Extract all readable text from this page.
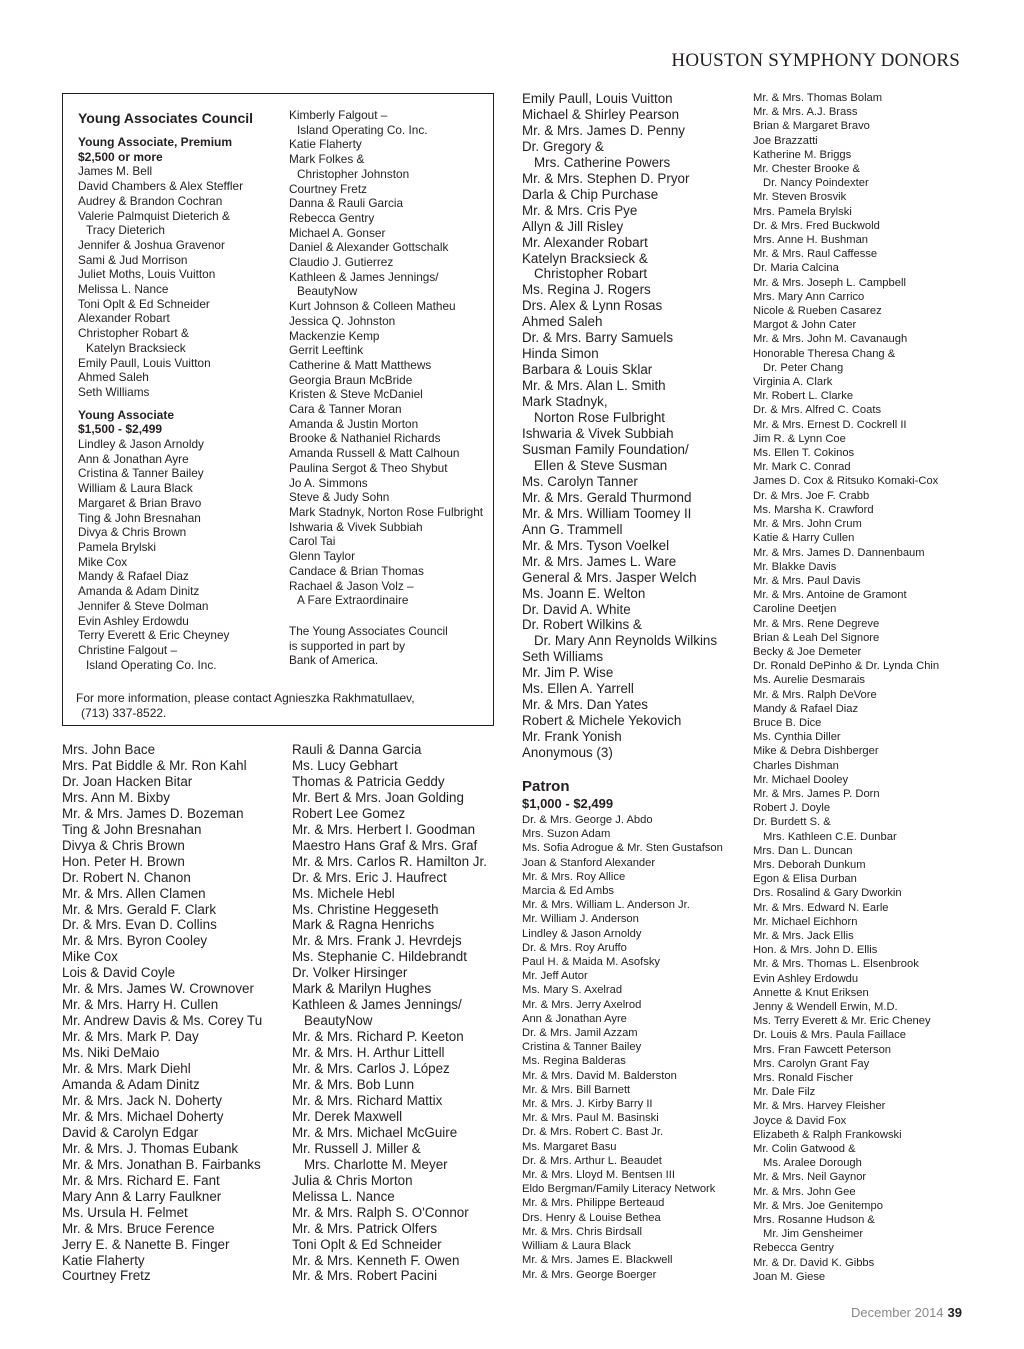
HOUSTON SYMPHONY DONORS
Young Associates Council
Young Associate, Premium
$2,500 or more
James M. Bell
David Chambers & Alex Steffler
Audrey & Brandon Cochran
Valerie Palmquist Dieterich &
Tracy Dieterich
Jennifer & Joshua Gravenor
Sami & Jud Morrison
Juliet Moths, Louis Vuitton
Melissa L. Nance
Toni Oplt & Ed Schneider
Alexander Robart
Christopher Robart &
Katelyn Bracksieck
Emily Paull, Louis Vuitton
Ahmed Saleh
Seth Williams
Young Associate
$1,500 - $2,499
Lindley & Jason Arnoldy
Ann & Jonathan Ayre
Cristina & Tanner Bailey
William & Laura Black
Margaret & Brian Bravo
Ting & John Bresnahan
Divya & Chris Brown
Pamela Brylski
Mike Cox
Mandy & Rafael Diaz
Amanda & Adam Dinitz
Jennifer & Steve Dolman
Evin Ashley Erdowdu
Terry Everett & Eric Cheyney
Christine Falgout –
Island Operating Co. Inc.
Kimberly Falgout –
Island Operating Co. Inc.
Katie Flaherty
Mark Folkes &
Christopher Johnston
Courtney Fretz
Danna & Rauli Garcia
Rebecca Gentry
Michael A. Gonser
Daniel & Alexander Gottschalk
Claudio J. Gutierrez
Kathleen & James Jennings/
BeautyNow
Kurt Johnson & Colleen Matheu
Jessica Q. Johnston
Mackenzie Kemp
Gerrit Leeftink
Catherine & Matt Matthews
Georgia Braun McBride
Kristen & Steve McDaniel
Cara & Tanner Moran
Amanda & Justin Morton
Brooke & Nathaniel Richards
Amanda Russell & Matt Calhoun
Paulina Sergot & Theo Shybut
Jo A. Simmons
Steve & Judy Sohn
Mark Stadnyk, Norton Rose Fulbright
Ishwaria & Vivek Subbiah
Carol Tai
Glenn Taylor
Candace & Brian Thomas
Rachael & Jason Volz –
A Fare Extraordinaire
The Young Associates Council
is supported in part by
Bank of America.
For more information, please contact Agnieszka Rakhmatullaev,
(713) 337-8522.
Mrs. John Bace
Mrs. Pat Biddle & Mr. Ron Kahl
Dr. Joan Hacken Bitar
Mrs. Ann M. Bixby
Mr. & Mrs. James D. Bozeman
Ting & John Bresnahan
Divya & Chris Brown
Hon. Peter H. Brown
Dr. Robert N. Chanon
Mr. & Mrs. Allen Clamen
Mr. & Mrs. Gerald F. Clark
Dr. & Mrs. Evan D. Collins
Mr. & Mrs. Byron Cooley
Mike Cox
Lois & David Coyle
Mr. & Mrs. James W. Crownover
Mr. & Mrs. Harry H. Cullen
Mr. Andrew Davis & Ms. Corey Tu
Mr. & Mrs. Mark P. Day
Ms. Niki DeMaio
Mr. & Mrs. Mark Diehl
Amanda & Adam Dinitz
Mr. & Mrs. Jack N. Doherty
Mr. & Mrs. Michael Doherty
David & Carolyn Edgar
Mr. & Mrs. J. Thomas Eubank
Mr. & Mrs. Jonathan B. Fairbanks
Mr. & Mrs. Richard E. Fant
Mary Ann & Larry Faulkner
Ms. Ursula H. Felmet
Mr. & Mrs. Bruce Ference
Jerry E. & Nanette B. Finger
Katie Flaherty
Courtney Fretz
Rauli & Danna Garcia
Ms. Lucy Gebhart
Thomas & Patricia Geddy
Mr. Bert & Mrs. Joan Golding
Robert Lee Gomez
Mr. & Mrs. Herbert I. Goodman
Maestro Hans Graf & Mrs. Graf
Mr. & Mrs. Carlos R. Hamilton Jr.
Dr. & Mrs. Eric J. Haufrect
Ms. Michele Hebl
Ms. Christine Heggeseth
Mark & Ragna Henrichs
Mr. & Mrs. Frank J. Hevrdejs
Ms. Stephanie C. Hildebrandt
Dr. Volker Hirsinger
Mark & Marilyn Hughes
Kathleen & James Jennings/
BeautyNow
Mr. & Mrs. Richard P. Keeton
Mr. & Mrs. H. Arthur Littell
Mr. & Mrs. Carlos J. López
Mr. & Mrs. Bob Lunn
Mr. & Mrs. Richard Mattix
Mr. Derek Maxwell
Mr. & Mrs. Michael McGuire
Mr. Russell J. Miller &
Mrs. Charlotte M. Meyer
Julia & Chris Morton
Melissa L. Nance
Mr. & Mrs. Ralph S. O'Connor
Mr. & Mrs. Patrick Olfers
Toni Oplt & Ed Schneider
Mr. & Mrs. Kenneth F. Owen
Mr. & Mrs. Robert Pacini
Emily Paull, Louis Vuitton
Michael & Shirley Pearson
Mr. & Mrs. James D. Penny
Dr. Gregory &
Mrs. Catherine Powers
Mr. & Mrs. Stephen D. Pryor
Darla & Chip Purchase
Mr. & Mrs. Cris Pye
Allyn & Jill Risley
Mr. Alexander Robart
Katelyn Bracksieck &
Christopher Robart
Ms. Regina J. Rogers
Drs. Alex & Lynn Rosas
Ahmed Saleh
Dr. & Mrs. Barry Samuels
Hinda Simon
Barbara & Louis Sklar
Mr. & Mrs. Alan L. Smith
Mark Stadnyk,
Norton Rose Fulbright
Ishwaria & Vivek Subbiah
Susman Family Foundation/
Ellen & Steve Susman
Ms. Carolyn Tanner
Mr. & Mrs. Gerald Thurmond
Mr. & Mrs. William Toomey II
Ann G. Trammell
Mr. & Mrs. Tyson Voelkel
Mr. & Mrs. James L. Ware
General & Mrs. Jasper Welch
Ms. Joann E. Welton
Dr. David A. White
Dr. Robert Wilkins &
Dr. Mary Ann Reynolds Wilkins
Seth Williams
Mr. Jim P. Wise
Ms. Ellen A. Yarrell
Mr. & Mrs. Dan Yates
Robert & Michele Yekovich
Mr. Frank Yonish
Anonymous (3)
Patron
$1,000 - $2,499
Dr. & Mrs. George J. Abdo
Mrs. Suzon Adam
Ms. Sofia Adrogue & Mr. Sten Gustafson
Joan & Stanford Alexander
Mr. & Mrs. Roy Allice
Marcia & Ed Ambs
Mr. & Mrs. William L. Anderson Jr.
Mr. William J. Anderson
Lindley & Jason Arnoldy
Dr. & Mrs. Roy Aruffo
Paul H. & Maida M. Asofsky
Mr. Jeff Autor
Ms. Mary S. Axelrad
Mr. & Mrs. Jerry Axelrod
Ann & Jonathan Ayre
Dr. & Mrs. Jamil Azzam
Cristina & Tanner Bailey
Ms. Regina Balderas
Mr. & Mrs. David M. Balderston
Mr. & Mrs. Bill Barnett
Mr. & Mrs. J. Kirby Barry II
Mr. & Mrs. Paul M. Basinski
Dr. & Mrs. Robert C. Bast Jr.
Ms. Margaret Basu
Dr. & Mrs. Arthur L. Beaudet
Mr. & Mrs. Lloyd M. Bentsen III
Eldo Bergman/Family Literacy Network
Mr. & Mrs. Philippe Berteaud
Drs. Henry & Louise Bethea
Mr. & Mrs. Chris Birdsall
William & Laura Black
Mr. & Mrs. James E. Blackwell
Mr. & Mrs. George Boerger
Mr. & Mrs. Thomas Bolam
Mr. & Mrs. A.J. Brass
Brian & Margaret Bravo
Joe Brazzatti
Katherine M. Briggs
Mr. Chester Brooke &
Dr. Nancy Poindexter
Mr. Steven Brosvik
Mrs. Pamela Brylski
Dr. & Mrs. Fred Buckwold
Mrs. Anne H. Bushman
Mr. & Mrs. Raul Caffesse
Dr. Maria Calcina
Mr. & Mrs. Joseph L. Campbell
Mrs. Mary Ann Carrico
Nicole & Rueben Casarez
Margot & John Cater
Mr. & Mrs. John M. Cavanaugh
Honorable Theresa Chang &
Dr. Peter Chang
Virginia A. Clark
Mr. Robert L. Clarke
Dr. & Mrs. Alfred C. Coats
Mr. & Mrs. Ernest D. Cockrell II
Jim R. & Lynn Coe
Ms. Ellen T. Cokinos
Mr. Mark C. Conrad
James D. Cox & Ritsuko Komaki-Cox
Dr. & Mrs. Joe F. Crabb
Ms. Marsha K. Crawford
Mr. & Mrs. John Crum
Katie & Harry Cullen
Mr. & Mrs. James D. Dannenbaum
Mr. Blakke Davis
Mr. & Mrs. Paul Davis
Mr. & Mrs. Antoine de Gramont
Caroline Deetjen
Mr. & Mrs. Rene Degreve
Brian & Leah Del Signore
Becky & Joe Demeter
Dr. Ronald DePinho & Dr. Lynda Chin
Ms. Aurelie Desmarais
Mr. & Mrs. Ralph DeVore
Mandy & Rafael Diaz
Bruce B. Dice
Ms. Cynthia Diller
Mike & Debra Dishberger
Charles Dishman
Mr. Michael Dooley
Mr. & Mrs. James P. Dorn
Robert J. Doyle
Dr. Burdett S. &
Mrs. Kathleen C.E. Dunbar
Mrs. Dan L. Duncan
Mrs. Deborah Dunkum
Egon & Elisa Durban
Drs. Rosalind & Gary Dworkin
Mr. & Mrs. Edward N. Earle
Mr. Michael Eichhorn
Mr. & Mrs. Jack Ellis
Hon. & Mrs. John D. Ellis
Mr. & Mrs. Thomas L. Elsenbrook
Evin Ashley Erdowdu
Annette & Knut Eriksen
Jenny & Wendell Erwin, M.D.
Ms. Terry Everett & Mr. Eric Cheney
Dr. Louis & Mrs. Paula Faillace
Mrs. Fran Fawcett Peterson
Mrs. Carolyn Grant Fay
Mrs. Ronald Fischer
Mr. Dale Filz
Mr. & Mrs. Harvey Fleisher
Joyce & David Fox
Elizabeth & Ralph Frankowski
Mr. Colin Gatwood &
Ms. Aralee Dorough
Mr. & Mrs. Neil Gaynor
Mr. & Mrs. John Gee
Mr. & Mrs. Joe Genitempo
Mrs. Rosanne Hudson &
Mr. Jim Gensheimer
Rebecca Gentry
Mr. & Dr. David K. Gibbs
Joan M. Giese
December 2014 39
